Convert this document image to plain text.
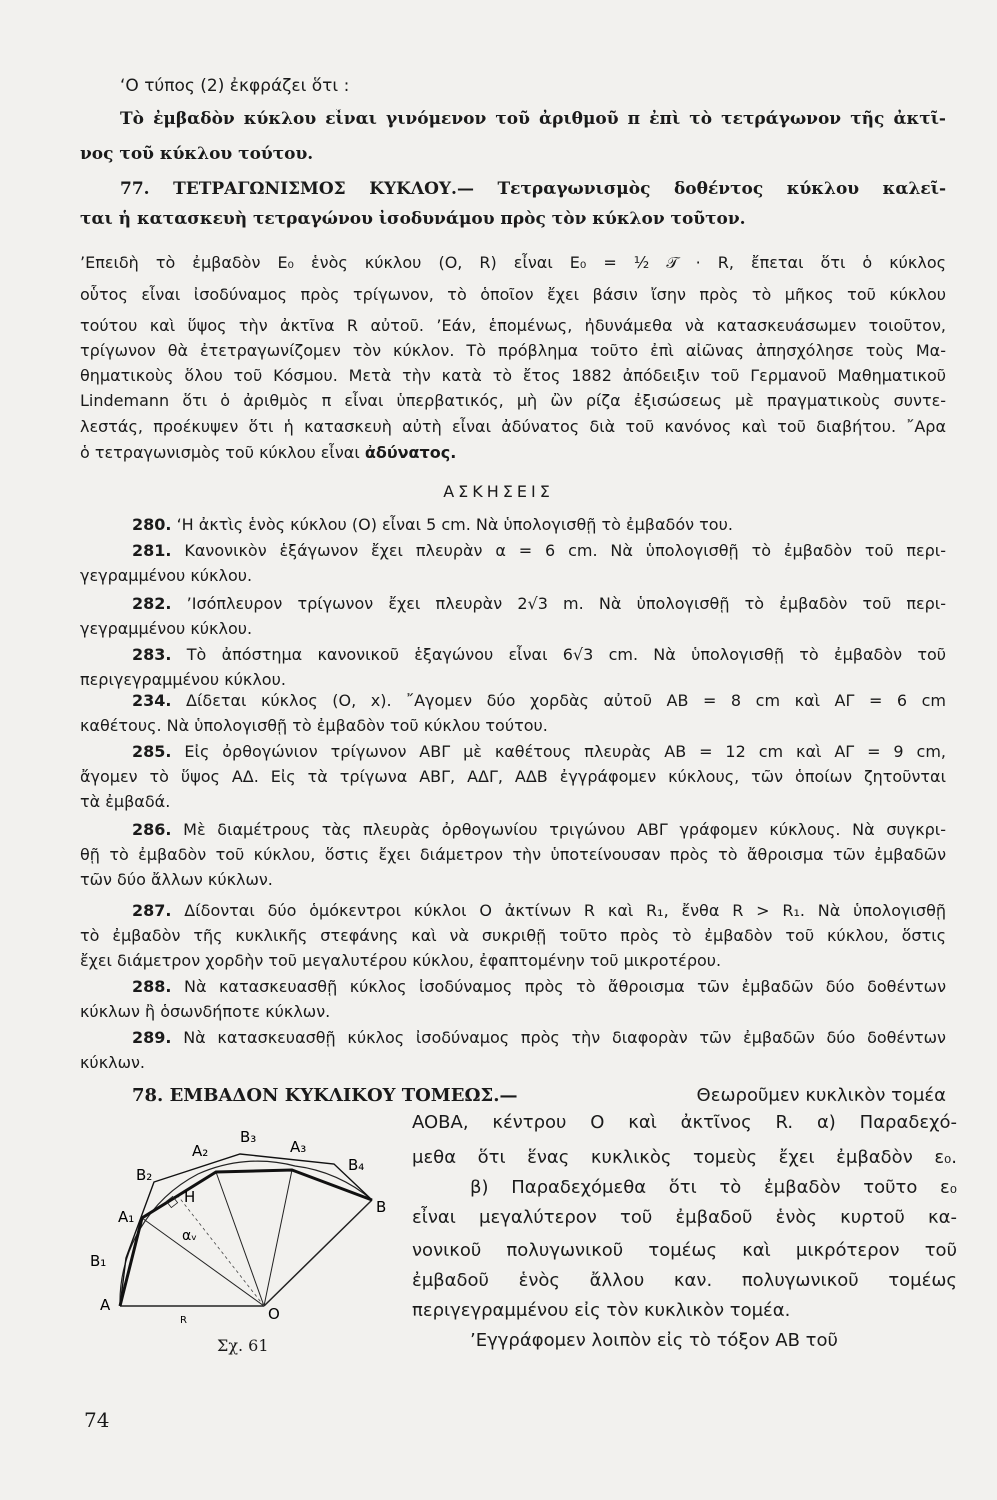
‘Ο τύπος (2) ἐκφράζει ὅτι :
Τὸ ἐμβαδὸν κύκλου εἶναι γινόμενον τοῦ ἀριθμοῦ π ἐπὶ τὸ τετράγωνον τῆς ἀκτῖ-
νος τοῦ κύκλου τούτου.
77. ΤΕΤΡΑΓΩΝΙΣΜΟΣ ΚΥΚΛΟΥ.— Τετραγωνισμὸς δοθέντος κύκλου καλεῖ-
ται ἡ κατασκευὴ τετραγώνου ἰσοδυνάμου πρὸς τὸν κύκλον τοῦτον.
’Επειδὴ τὸ ἐμβαδὸν E₀ ἑνὸς κύκλου (O, R) εἶναι E₀ = ½ 𝒯 · R, ἔπεται ὅτι ὁ κύκλος
οὗτος εἶναι ἰσοδύναμος πρὸς τρίγωνον, τὸ ὁποῖον ἔχει βάσιν ἴσην πρὸς τὸ μῆκος τοῦ κύκλου
τούτου καὶ ὕψος τὴν ἀκτῖνα R αὐτοῦ. ’Εάν, ἑπομένως, ἠδυνάμεθα νὰ κατασκευάσωμεν τοιοῦτον,
τρίγωνον θὰ ἐτετραγωνίζομεν τὸν κύκλον. Τὸ πρόβλημα τοῦτο ἐπὶ αἰῶνας ἀπησχόλησε τοὺς Μα-
θηματικοὺς ὅλου τοῦ Κόσμου. Μετὰ τὴν κατὰ τὸ ἔτος 1882 ἀπόδειξιν τοῦ Γερμανοῦ Μαθηματικοῦ
Lindemann ὅτι ὁ ἀριθμὸς π εἶναι ὑπερβατικός, μὴ ὢν ρίζα ἐξισώσεως μὲ πραγματικοὺς συντε-
λεστάς, προέκυψεν ὅτι ἡ κατασκευὴ αὐτὴ εἶναι ἀδύνατος διὰ τοῦ κανόνος καὶ τοῦ διαβήτου. ῎Αρα
ὁ τετραγωνισμὸς τοῦ κύκλου εἶναι ἀδύνατος.
ΑΣΚΗΣΕΙΣ
280. ‘Η ἀκτὶς ἑνὸς κύκλου (O) εἶναι 5 cm. Νὰ ὑπολογισθῇ τὸ ἐμβαδόν του.
281. Κανονικὸν ἑξάγωνον ἔχει πλευρὰν α = 6 cm. Νὰ ὑπολογισθῇ τὸ ἐμβαδὸν τοῦ περι-
γεγραμμένου κύκλου.
282. ’Ισόπλευρον τρίγωνον ἔχει πλευρὰν 2√3 m. Νὰ ὑπολογισθῇ τὸ ἐμβαδὸν τοῦ περι-
γεγραμμένου κύκλου.
283. Τὸ ἀπόστημα κανονικοῦ ἑξαγώνου εἶναι 6√3 cm. Νὰ ὑπολογισθῇ τὸ ἐμβαδὸν τοῦ
περιγεγραμμένου κύκλου.
234. Δίδεται κύκλος (O, x). ῎Αγομεν δύο χορδὰς αὐτοῦ AB = 8 cm καὶ ΑΓ = 6 cm
καθέτους. Νὰ ὑπολογισθῇ τὸ ἐμβαδὸν τοῦ κύκλου τούτου.
285. Εἰς ὀρθογώνιον τρίγωνον ΑΒΓ μὲ καθέτους πλευρὰς AB = 12 cm καὶ ΑΓ = 9 cm,
ἄγομεν τὸ ὕψος ΑΔ. Εἰς τὰ τρίγωνα ΑΒΓ, ΑΔΓ, ΑΔΒ ἐγγράφομεν κύκλους, τῶν ὁποίων ζητοῦνται
τὰ ἐμβαδά.
286. Μὲ διαμέτρους τὰς πλευρὰς ὀρθογωνίου τριγώνου ΑΒΓ γράφομεν κύκλους. Νὰ συγκρι-
θῇ τὸ ἐμβαδὸν τοῦ κύκλου, ὅστις ἔχει διάμετρον τὴν ὑποτείνουσαν πρὸς τὸ ἄθροισμα τῶν ἐμβαδῶν
τῶν δύο ἄλλων κύκλων.
287. Δίδονται δύο ὁμόκεντροι κύκλοι O ἀκτίνων R καὶ R₁, ἔνθα R > R₁. Νὰ ὑπολογισθῇ
τὸ ἐμβαδὸν τῆς κυκλικῆς στεφάνης καὶ νὰ συκριθῇ τοῦτο πρὸς τὸ ἐμβαδὸν τοῦ κύκλου, ὅστις
ἔχει διάμετρον χορδὴν τοῦ μεγαλυτέρου κύκλου, ἐφαπτομένην τοῦ μικροτέρου.
288. Νὰ κατασκευασθῇ κύκλος ἰσοδύναμος πρὸς τὸ ἄθροισμα τῶν ἐμβαδῶν δύο δοθέντων
κύκλων ἢ ὁσωνδήποτε κύκλων.
289. Νὰ κατασκευασθῇ κύκλος ἰσοδύναμος πρὸς τὴν διαφορὰν τῶν ἐμβαδῶν δύο δοθέντων
κύκλων.
78. ΕΜΒΑΔΟΝ ΚΥΚΛΙΚΟΥ ΤΟΜΕΩΣ.—	Θεωροῦμεν κυκλικὸν τομέα
AOBA, κέντρου O καὶ ἀκτῖνος R. α) Παραδεχό-
μεθα ὅτι ἕνας κυκλικὸς τομεὺς ἔχει ἐμβαδὸν ε₀.
β) Παραδεχόμεθα ὅτι τὸ ἐμβαδὸν τοῦτο ε₀
εἶναι μεγαλύτερον τοῦ ἐμβαδοῦ ἑνὸς κυρτοῦ κα-
νονικοῦ πολυγωνικοῦ τομέως καὶ μικρότερον τοῦ
ἐμβαδοῦ ἑνὸς ἄλλου καν. πολυγωνικοῦ τομέως
περιγεγραμμένου εἰς τὸν κυκλικὸν τομέα.
’Εγγράφομεν λοιπὸν εἰς τὸ τόξον AB τοῦ
A	O
R
B
B₁
A₁
B₂
A₂
B₃
A₃
B₄
H
αᵥ
Σχ. 61
74
